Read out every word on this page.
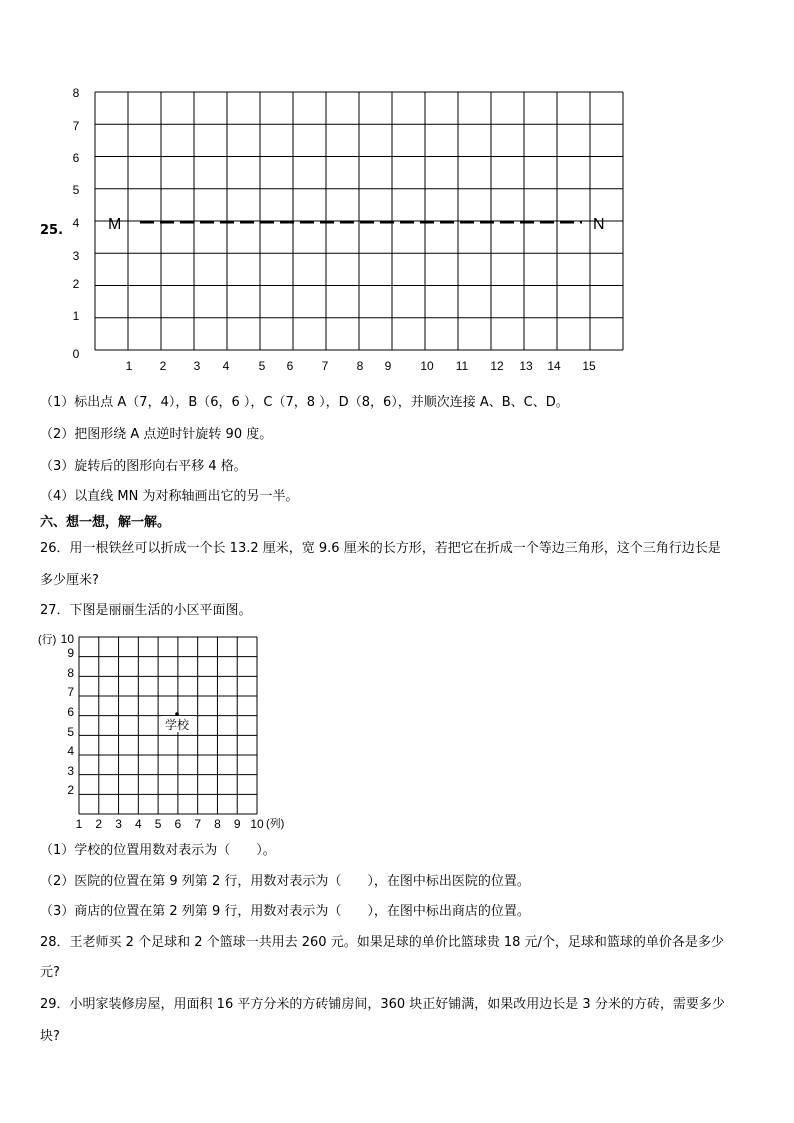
25.
1 2 3 4 5 6 7 8 9 10 11 12 13 14 15
0
1
2
3
4
5
6
7
8
M	N
（1）标出点 A（7，4），B（6，6 ），C（7，8 ），D（8，6），并顺次连接 A、B、C、D。
（2）把图形绕 A 点逆时针旋转 90 度。
（3）旋转后的图形向右平移 4 格。
（4）以直线 MN 为对称轴画出它的另一半。
六、想一想，解一解。
26．用一根铁丝可以折成一个长 13.2 厘米，宽 9.6 厘米的长方形，若把它在折成一个等边三角形，这个三角行边长是
多少厘米?
27．下图是丽丽生活的小区平面图。
1 2 3 4 5 6 7 8 9 10
2
3
4
5
6
7
8
9
10
(行)
(列)
学校
（1）学校的位置用数对表示为（　　）。
（2）医院的位置在第 9 列第 2 行，用数对表示为（　　），在图中标出医院的位置。
（3）商店的位置在第 2 列第 9 行，用数对表示为（　　），在图中标出商店的位置。
28．王老师买 2 个足球和 2 个篮球一共用去 260 元。如果足球的单价比篮球贵 18 元/个，足球和篮球的单价各是多少
元?
29．小明家装修房屋，用面积 16 平方分米的方砖铺房间，360 块正好铺满，如果改用边长是 3 分米的方砖，需要多少
块?
